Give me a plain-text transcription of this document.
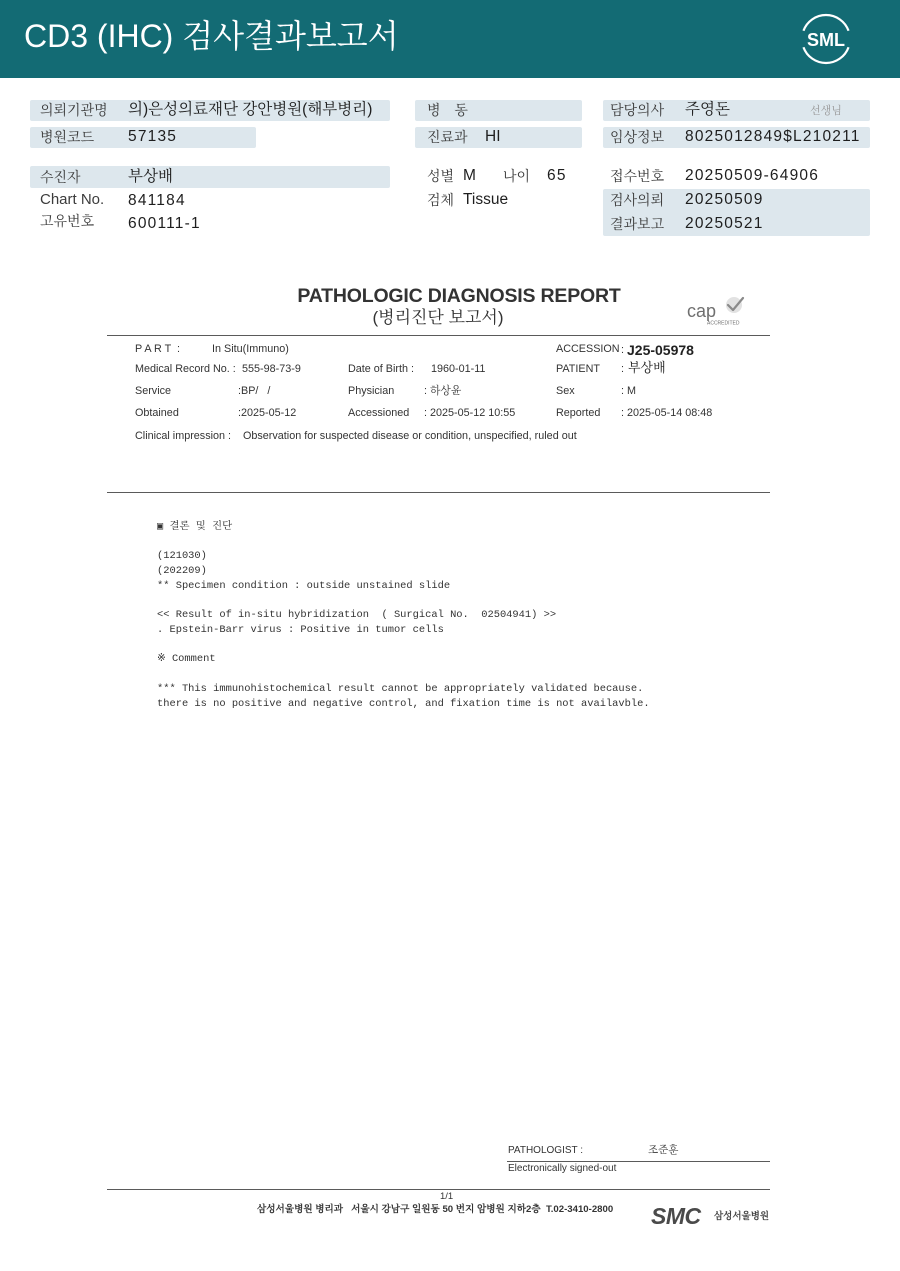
CD3 (IHC) 검사결과보고서	SML
의뢰기관명 의)은성의료재단 강안병원(해부병리)	병 동	담당의사 주영돈	선생님
병원코드 57135	진료과 HI	임상정보 8025012849$L210211
수진자	부상배	성별 M 나이 65	접수번호 20250509-64906
Chart No. 841184	검체 Tissue	검사의뢰 20250509
고유번호 600111-1	결과보고 20250521
PATHOLOGIC DIAGNOSIS REPORT
(병리진단 보고서)	cap
ACCREDITED
P A R T  :	In Situ(Immuno)	ACCESSION : J25-05978
Medical Record No. : 555-98-73-9	Date of Birth : 1960-01-11	PATIENT : 부상배
Service	:BP/   /	Physician	: 하상윤	Sex	: M
Obtained	:2025-05-12	Accessioned : 2025-05-12 10:55	Reported : 2025-05-14 08:48
Clinical impression : Observation for suspected disease or condition, unspecified, ruled out
▣ 결론 및 진단
(121030)
(202209)
** Specimen condition : outside unstained slide
<< Result of in-situ hybridization  ( Surgical No.  02504941) >>
. Epstein-Barr virus : Positive in tumor cells
※ Comment
*** This immunohistochemical result cannot be appropriately validated because.
there is no positive and negative control, and fixation time is not availavble.
PATHOLOGIST :	조준훈
Electronically signed-out
1/1
삼성서울병원 병리과   서울시 강남구 일원동 50 번지 암병원 지하2층  T.02-3410-2800 SMC 삼성서울병원
